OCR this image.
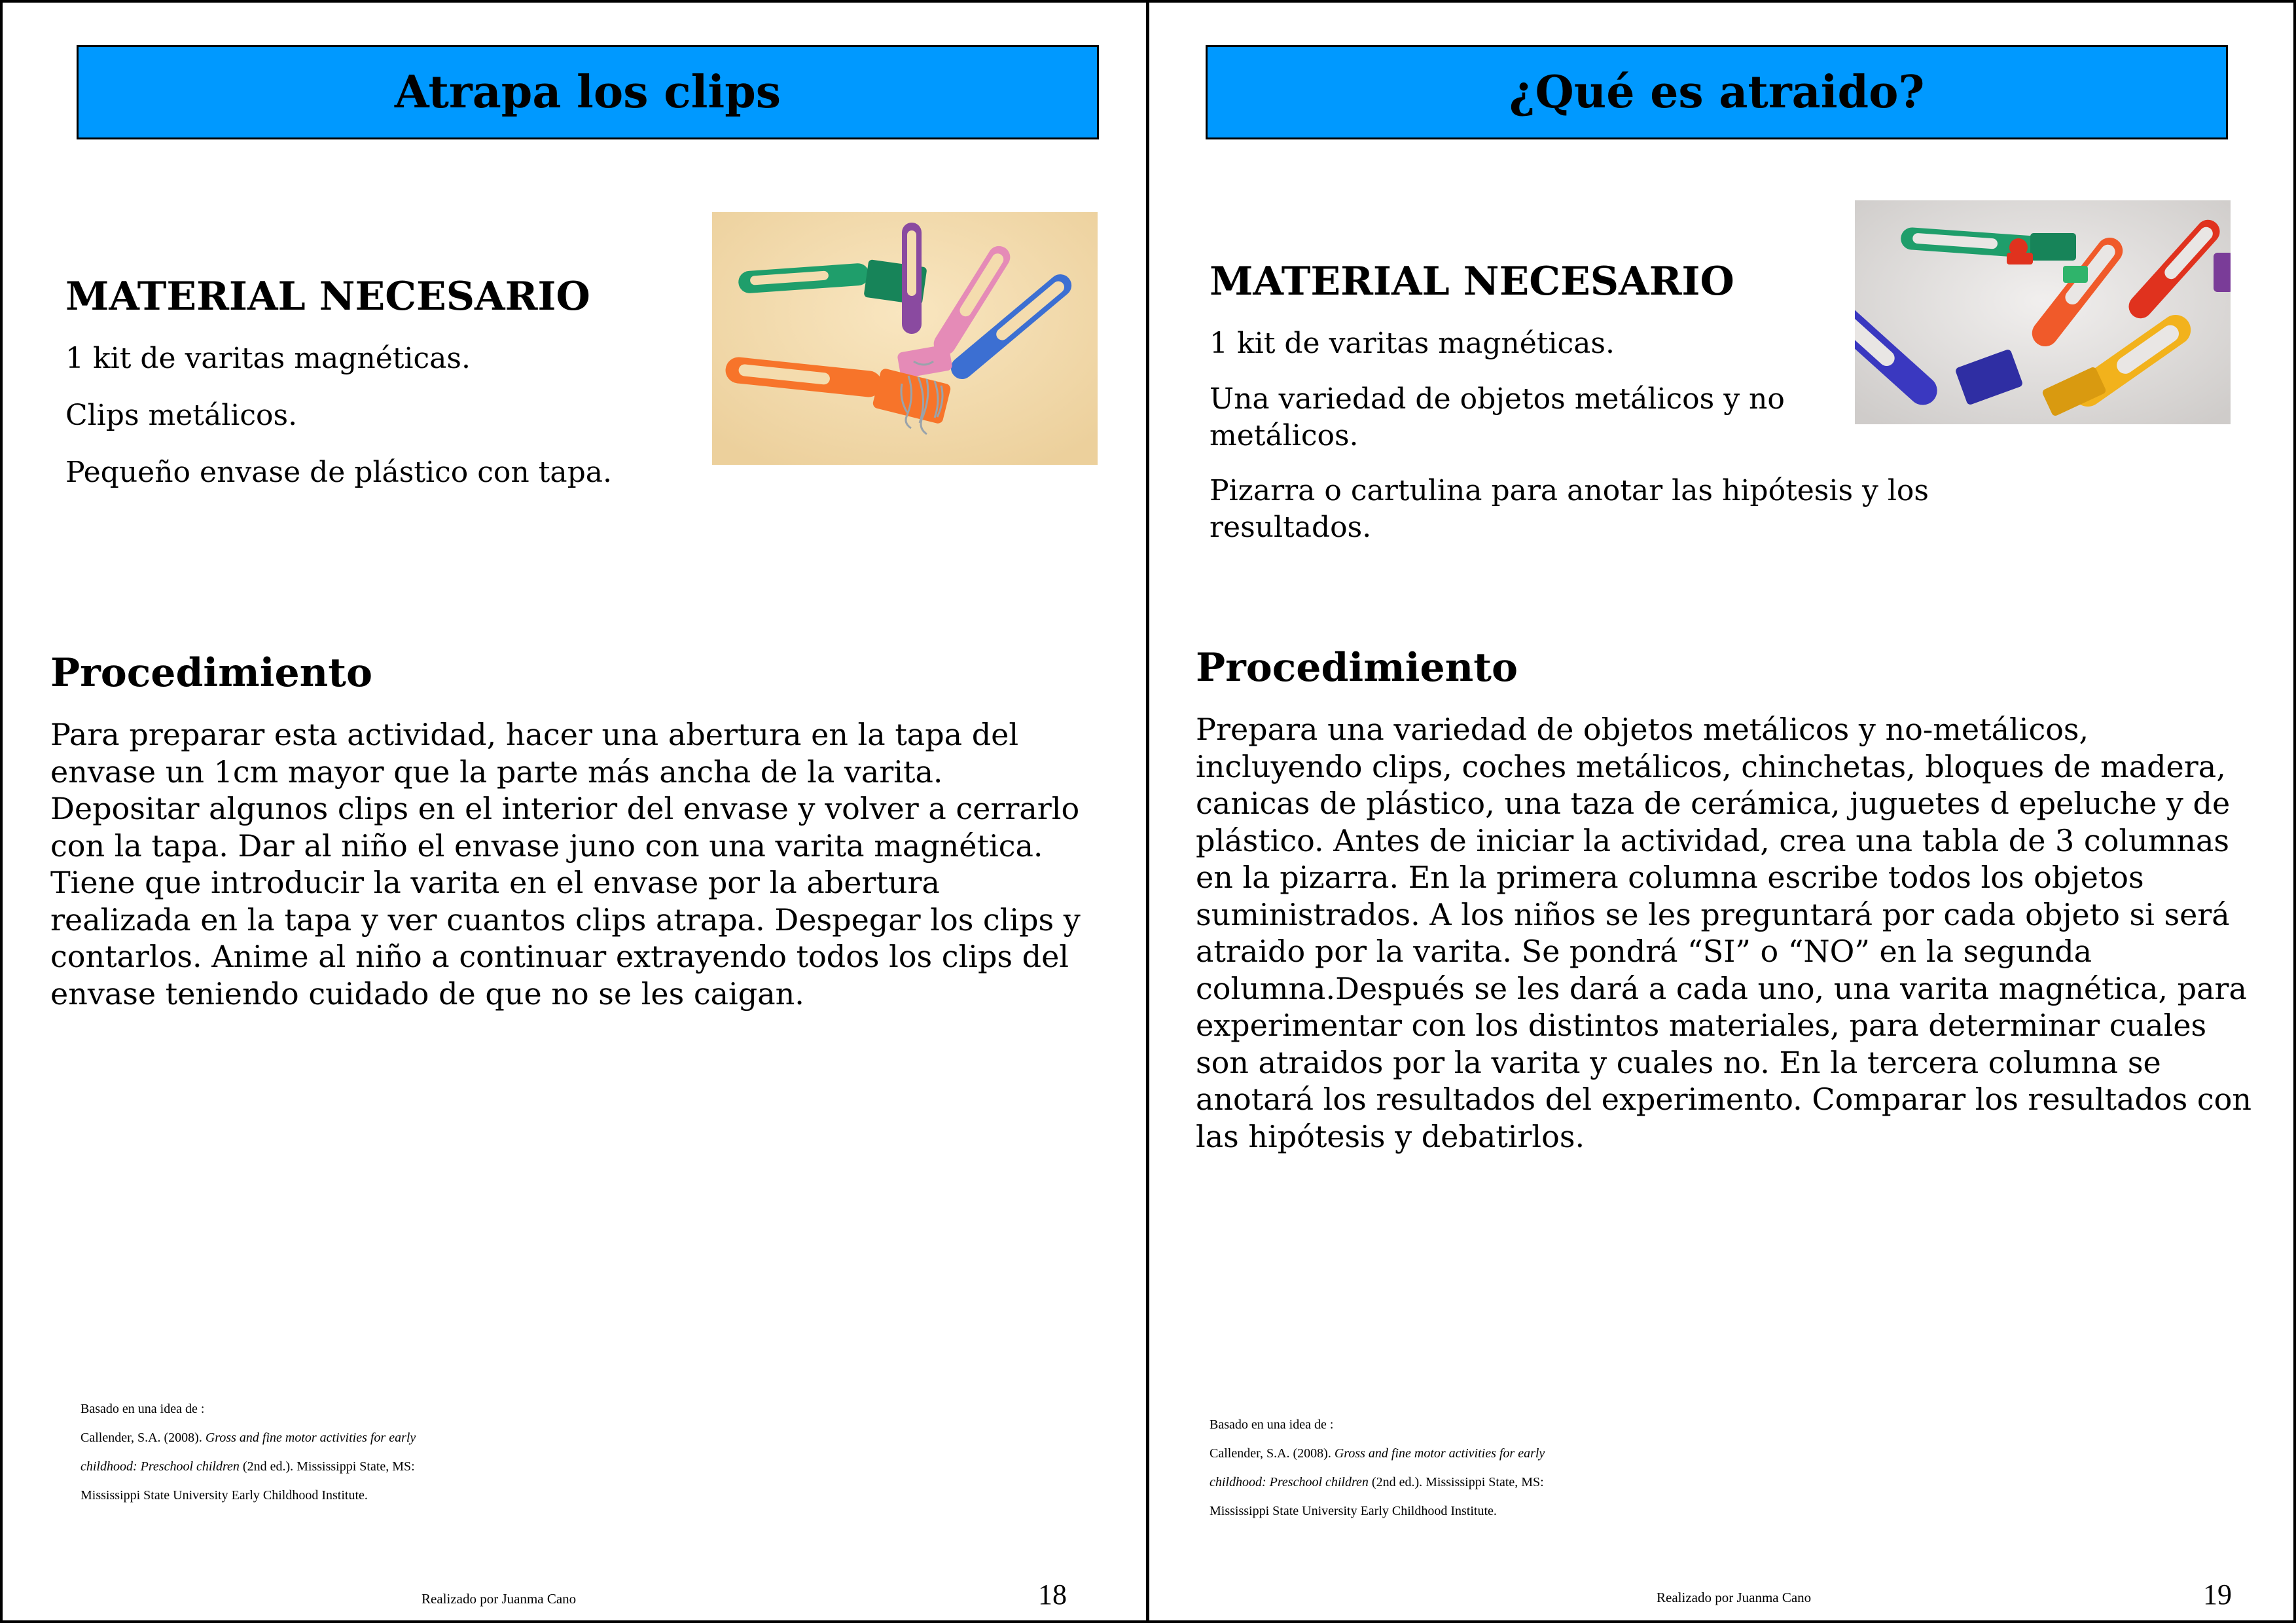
Atrapa los clips
MATERIAL NECESARIO
1 kit de varitas magnéticas.
Clips metálicos.
Pequeño envase de plástico con tapa.
Procedimiento
Para preparar esta actividad, hacer una abertura en la tapa del envase un 1cm mayor que la parte más ancha de la varita. Depositar algunos clips en el interior del envase y volver a cerrarlo con la tapa. Dar al niño el envase juno con una varita magnética. Tiene que introducir la varita en el envase por la abertura realizada en la tapa y ver cuantos clips atrapa. Despegar los clips y contarlos. Anime al niño a continuar extrayendo todos los clips del envase teniendo cuidado de que no se les caigan.
Basado en una idea de :
Callender, S.A. (2008). Gross and fine motor activities for early
childhood: Preschool children (2nd ed.). Mississippi State, MS:
Mississippi State University Early Childhood Institute.
Realizado por Juanma Cano	18
¿Qué es atraido?
MATERIAL NECESARIO
1 kit de varitas magnéticas.
Una variedad de objetos metálicos y no metálicos.
Pizarra o cartulina para anotar las hipótesis y los resultados.
Procedimiento
Prepara una variedad de objetos metálicos y no-metálicos, incluyendo clips, coches metálicos, chinchetas, bloques de madera, canicas de plástico, una taza de cerámica, juguetes d epeluche y de plástico. Antes de iniciar la actividad, crea una tabla de 3 columnas en la pizarra. En la primera columna escribe todos los objetos suministrados. A los niños se les preguntará por cada objeto si será atraido por la varita. Se pondrá “SI” o “NO” en la segunda columna.Después se les dará a cada uno, una varita magnética, para experimentar con los distintos materiales, para determinar cuales son atraidos por la varita y cuales no. En la tercera columna se anotará los resultados del experimento. Comparar los resultados con las hipótesis y debatirlos.
Basado en una idea de :
Callender, S.A. (2008). Gross and fine motor activities for early
childhood: Preschool children (2nd ed.). Mississippi State, MS:
Mississippi State University Early Childhood Institute.
Realizado por Juanma Cano	19
